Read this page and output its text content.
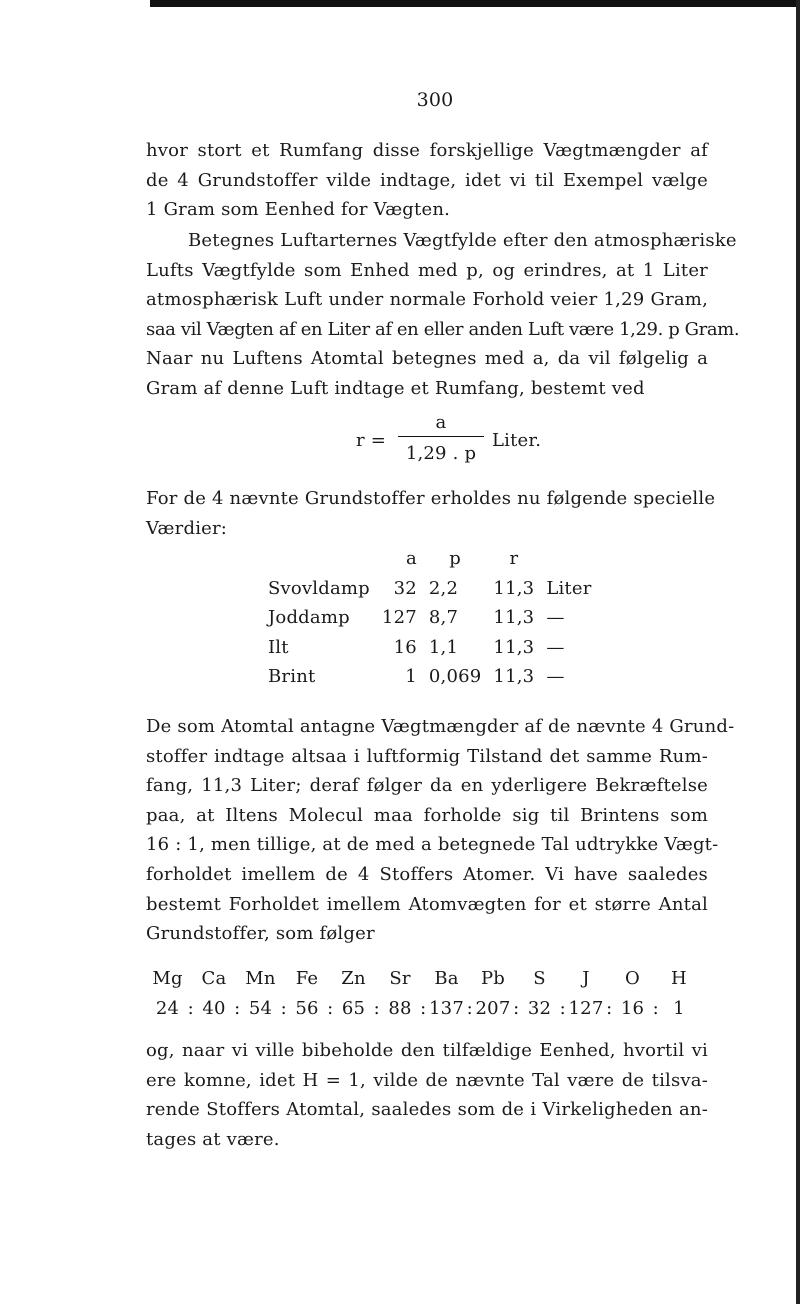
300

hvor stort et Rumfang disse forskjellige Vægtmængder af
de 4 Grundstoffer vilde indtage, idet vi til Exempel vælge
1 Gram som Eenhed for Vægten.

Betegnes Luftarternes Vægtfylde efter den atmosphæriske
Lufts Vægtfylde som Enhed med p, og erindres, at 1 Liter
atmosphærisk Luft under normale Forhold veier 1,29 Gram,
saa vil Vægten af en Liter af en eller anden Luft være 1,29. p Gram.
Naar nu Luftens Atomtal betegnes med a, da vil følgelig a
Gram af denne Luft indtage et Rumfang, bestemt ved

r =
a
1,29 . p
Liter.

For de 4 nævnte Grundstoffer erholdes nu følgende specielle
Værdier:

	a	p	r	
Svovldamp	32	2,2	11,3	Liter
Joddamp	127	8,7	11,3	—
Ilt	16	1,1	11,3	—
Brint	1	0,069	11,3	—

De som Atomtal antagne Vægtmængder af de nævnte 4 Grund-
stoffer indtage altsaa i luftformig Tilstand det samme Rum-
fang, 11,3 Liter; deraf følger da en yderligere Bekræftelse
paa, at Iltens Molecul maa forholde sig til Brintens som
16 : 1, men tillige, at de med a betegnede Tal udtrykke Vægt-
forholdet imellem de 4 Stoffers Atomer. Vi have saaledes
bestemt Forholdet imellem Atomvægten for et større Antal
Grundstoffer, som følger

Mg Ca Mn Fe Zn Sr Ba Pb S J O H
24 : 40 : 54 : 56 : 65 : 88 : 137 : 207 : 32 : 127 : 16 : 1

og, naar vi ville bibeholde den tilfældige Eenhed, hvortil vi
ere komne, idet H = 1, vilde de nævnte Tal være de tilsva-
rende Stoffers Atomtal, saaledes som de i Virkeligheden an-
tages at være.
